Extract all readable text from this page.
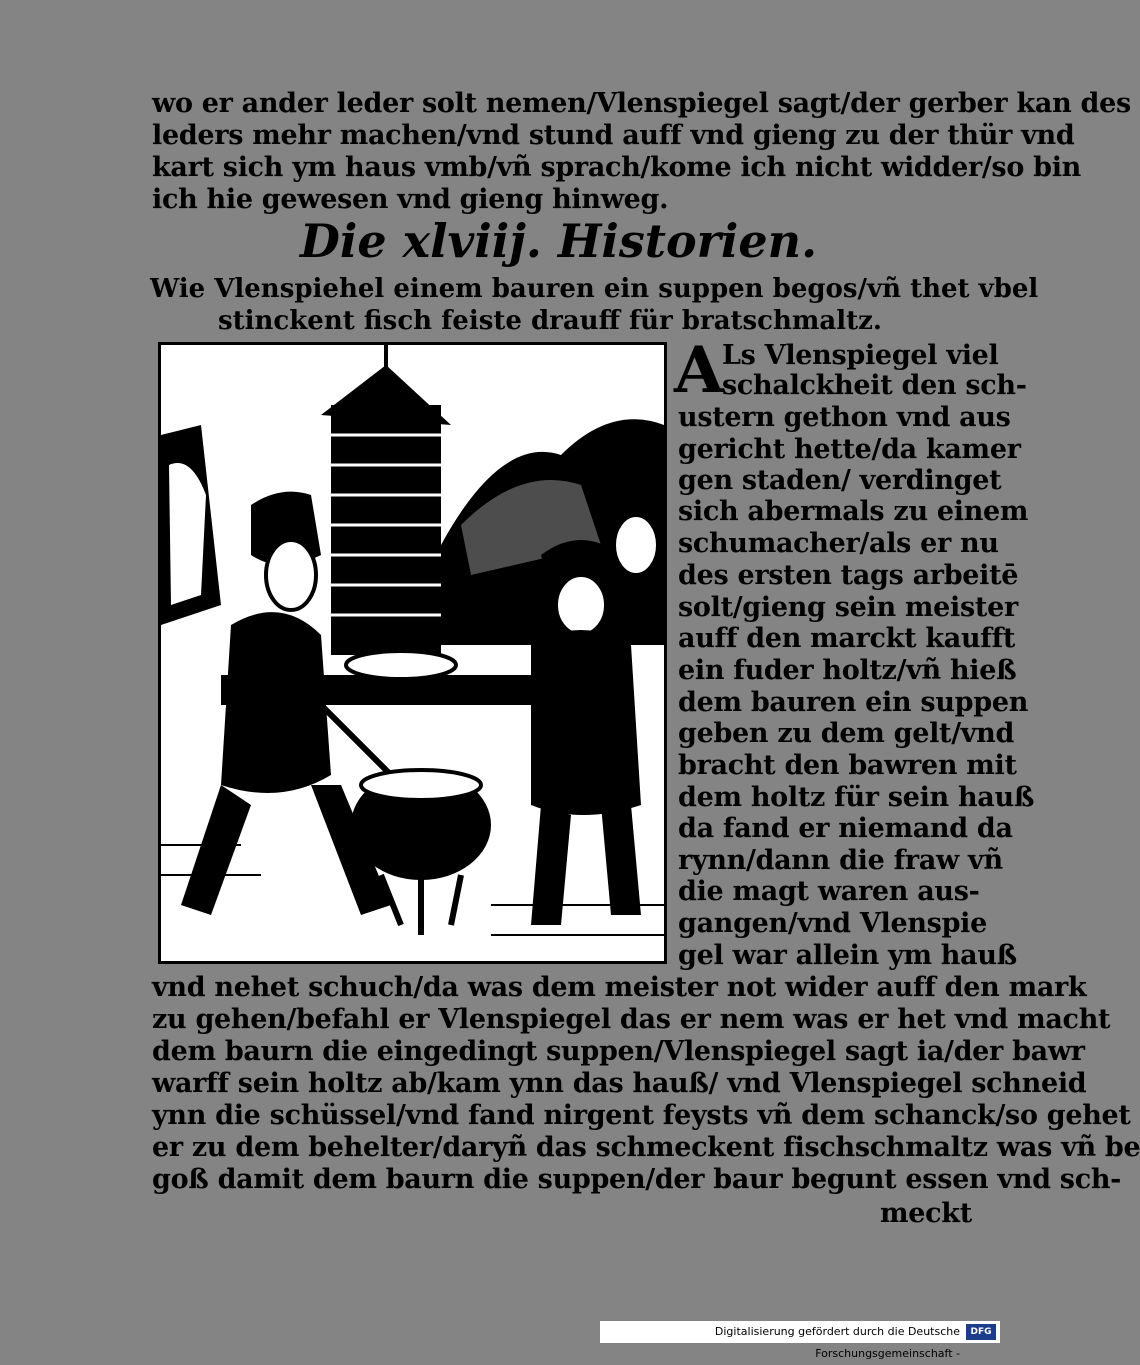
wo er ander leder solt nemen/Vlenspiegel sagt/der gerber kan des
leders mehr machen/vnd stund auff vnd gieng zu der thür vnd
kart sich ym haus vmb/vñ sprach/kome ich nicht widder/so bin
ich hie gewesen vnd gieng hinweg.
Die xlviij. Historien.
Wie Vlenspiehel einem bauren ein suppen begos/vñ thet vbel
stinckent fisch feiste drauff für bratschmaltz.
A
Ls Vlenspiegel viel
schalckheit den sch-
ustern gethon vnd aus
gericht hette/da kamer
gen staden/ verdinget
sich abermals zu einem
schumacher/als er nu
des ersten tags arbeitē
solt/gieng sein meister
auff den marckt kaufft
ein fuder holtz/vñ hieß
dem bauren ein suppen
geben zu dem gelt/vnd
bracht den bawren mit
dem holtz für sein hauß
da fand er niemand da
rynn/dann die fraw vñ
die magt waren aus-
gangen/vnd Vlenspie
gel war allein ym hauß
vnd nehet schuch/da was dem meister not wider auff den mark
zu gehen/befahl er Vlenspiegel das er nem was er het vnd macht
dem baurn die eingedingt suppen/Vlenspiegel sagt ia/der bawr
warff sein holtz ab/kam ynn das hauß/ vnd Vlenspiegel schneid
ynn die schüssel/vnd fand nirgent feysts vñ dem schanck/so gehet
er zu dem behelter/daryñ das schmeckent fischschmaltz was vñ be
goß damit dem baurn die suppen/der baur begunt essen vnd sch-
meckt
Digitalisierung gefördert durch die Deutsche Forschungsgemeinschaft -
DFG
